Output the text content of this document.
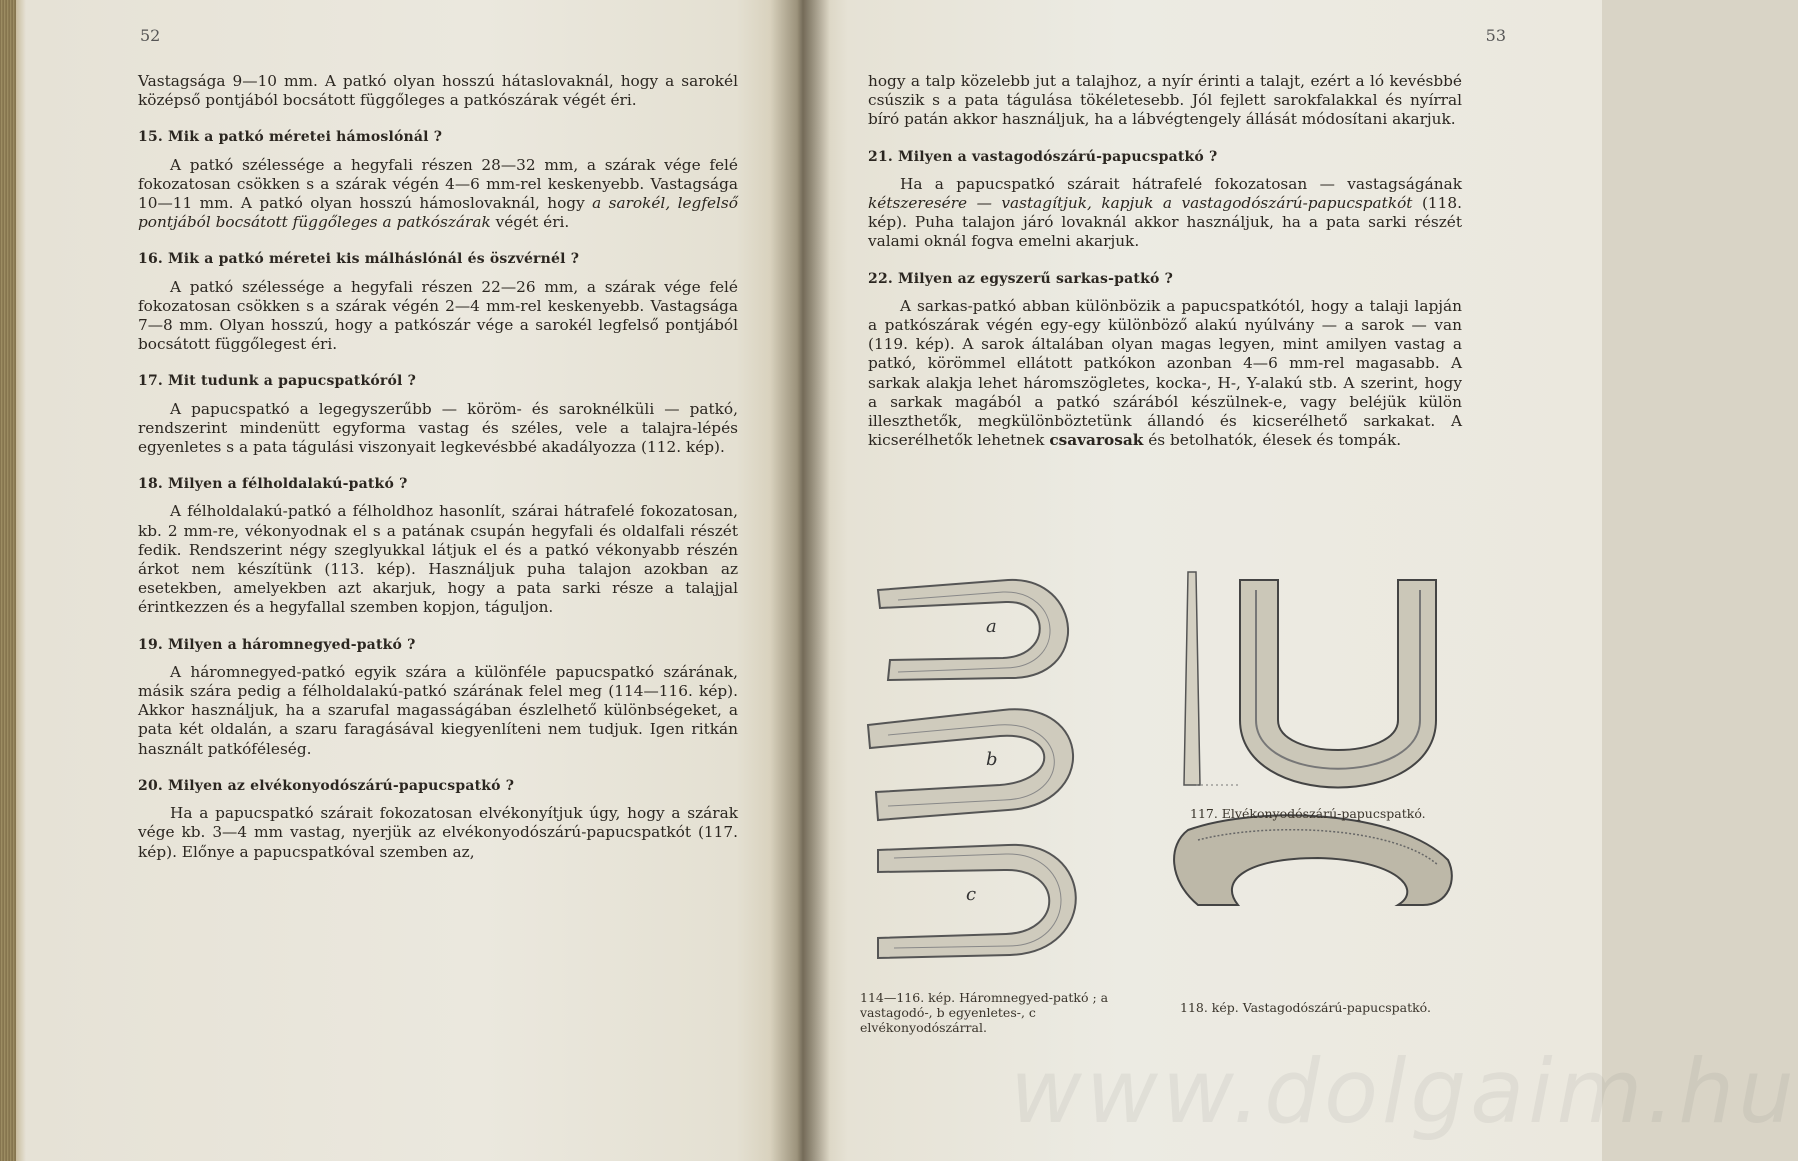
52

Vastagsága 9—10 mm. A patkó olyan hosszú hátaslovaknál, hogy a sarokél középső pontjából bocsátott függőleges a patkószárak végét éri.

15. Mik a patkó méretei hámoslónál ?

A patkó szélessége a hegyfali részen 28—32 mm, a szárak vége felé fokozatosan csökken s a szárak végén 4—6 mm-rel keskenyebb. Vastagsága 10—11 mm. A patkó olyan hosszú hámoslovaknál, hogy a sarokél, legfelső pontjából bocsátott függőleges a patkószárak végét éri.

16. Mik a patkó méretei kis málháslónál és öszvérnél ?

A patkó szélessége a hegyfali részen 22—26 mm, a szárak vége felé fokozatosan csökken s a szárak végén 2—4 mm-rel keskenyebb. Vastagsága 7—8 mm. Olyan hosszú, hogy a patkószár vége a sarokél legfelső pontjából bocsátott függőlegest éri.

17. Mit tudunk a papucspatkóról ?

A papucspatkó a legegyszerűbb — köröm- és saroknélküli — patkó, rendszerint mindenütt egyforma vastag és széles, vele a talajra-lépés egyenletes s a pata tágulási viszonyait legkevésbbé akadályozza (112. kép).

18. Milyen a félholdalakú-patkó ?

A félholdalakú-patkó a félholdhoz hasonlít, szárai hátrafelé fokozatosan, kb. 2 mm-re, vékonyodnak el s a patának csupán hegyfali és oldalfali részét fedik. Rendszerint négy szeglyukkal látjuk el és a patkó vékonyabb részén árkot nem készítünk (113. kép). Használjuk puha talajon azokban az esetekben, amelyekben azt akarjuk, hogy a pata sarki része a talajjal érintkezzen és a hegyfallal szemben kopjon, táguljon.

19. Milyen a háromnegyed-patkó ?

A háromnegyed-patkó egyik szára a különféle papucspatkó szárának, másik szára pedig a félholdalakú-patkó szárának felel meg (114—116. kép). Akkor használjuk, ha a szarufal magasságában észlelhető különbségeket, a pata két oldalán, a szaru faragásával kiegyenlíteni nem tudjuk. Igen ritkán használt patkóféleség.

20. Milyen az elvékonyodószárú-papucspatkó ?

Ha a papucspatkó szárait fokozatosan elvékonyítjuk úgy, hogy a szárak vége kb. 3—4 mm vastag, nyerjük az elvékonyodószárú-papucspatkót (117. kép). Előnye a papucspatkóval szemben az,

53

hogy a talp közelebb jut a talajhoz, a nyír érinti a talajt, ezért a ló kevésbbé csúszik s a pata tágulása tökéletesebb. Jól fejlett sarokfalakkal és nyírral bíró patán akkor használjuk, ha a lábvégtengely állását módosítani akarjuk.

21. Milyen a vastagodószárú-papucspatkó ?

Ha a papucspatkó szárait hátrafelé fokozatosan — vastagságának kétszeresére — vastagítjuk, kapjuk a vastagodószárú-papucspatkót (118. kép). Puha talajon járó lovaknál akkor használjuk, ha a pata sarki részét valami oknál fogva emelni akarjuk.

22. Milyen az egyszerű sarkas-patkó ?

A sarkas-patkó abban különbözik a papucspatkótól, hogy a talaji lapján a patkószárak végén egy-egy különböző alakú nyúlvány — a sarok — van (119. kép). A sarok általában olyan magas legyen, mint amilyen vastag a patkó, körömmel ellátott patkókon azonban 4—6 mm-rel magasabb. A sarkak alakja lehet háromszögletes, kocka-, H-, Y-alakú stb. A szerint, hogy a sarkak magából a patkó szárából készülnek-e, vagy beléjük külön illeszthetők, megkülönböztetünk állandó és kicserélhető sarkakat. A kicserélhetők lehetnek csavarosak és betolhatók, élesek és tompák.

a
b
c
114—116. kép. Háromnegyed-patkó ; a vastagodó-, b egyenletes-, c elvékonyodószárral.
117. Elvékonyodószárú-papucspatkó.
118. kép. Vastagodószárú-papucspatkó.
www.dolgaim.hu
